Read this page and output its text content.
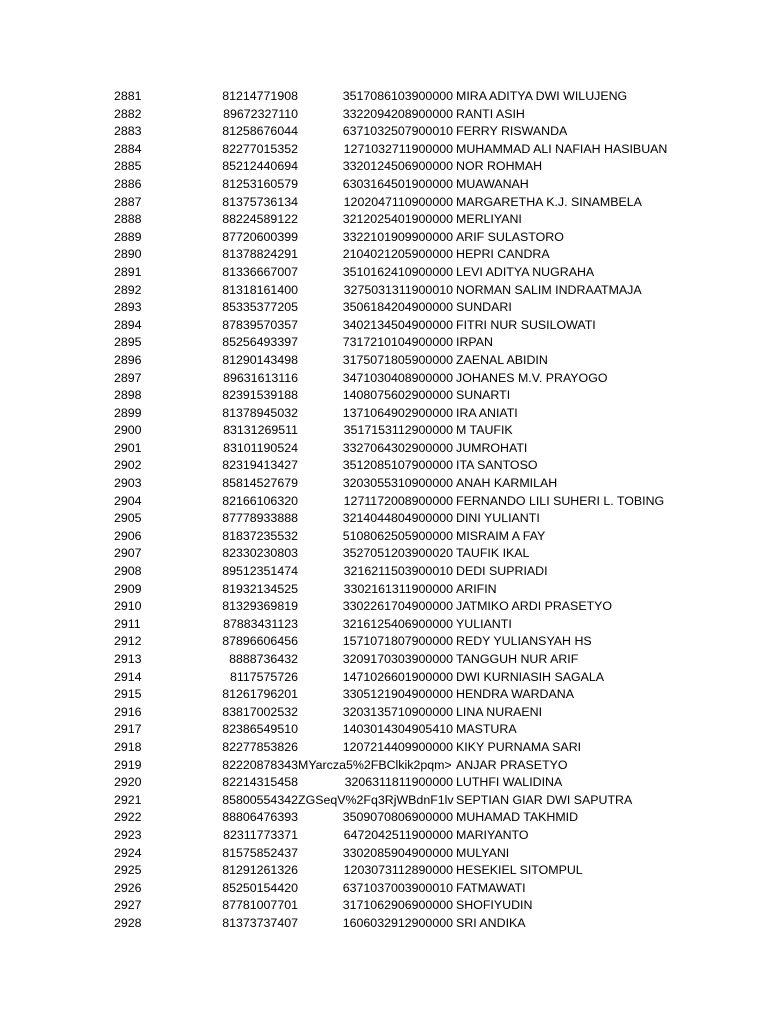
2881	81214771908	3517086103900000 MIRA ADITYA DWI WILUJENG
2882	89672327110	3322094208900000 RANTI ASIH
2883	81258676044	6371032507900010 FERRY RISWANDA
2884	82277015352	1271032711900000 MUHAMMAD ALI NAFIAH HASIBUAN
2885	85212440694	3320124506900000 NOR ROHMAH
2886	81253160579	6303164501900000 MUAWANAH
2887	81375736134	1202047110900000 MARGARETHA K.J. SINAMBELA
2888	88224589122	3212025401900000 MERLIYANI
2889	87720600399	3322101909900000 ARIF SULASTORO
2890	81378824291	2104021205900000 HEPRI CANDRA
2891	81336667007	3510162410900000 LEVI ADITYA NUGRAHA
2892	81318161400	3275031311900010 NORMAN SALIM INDRAATMAJA
2893	85335377205	3506184204900000 SUNDARI
2894	87839570357	3402134504900000 FITRI NUR SUSILOWATI
2895	85256493397	7317210104900000 IRPAN
2896	81290143498	3175071805900000 ZAENAL ABIDIN
2897	89631613116	3471030408900000 JOHANES M.V. PRAYOGO
2898	82391539188	1408075602900000 SUNARTI
2899	81378945032	1371064902900000 IRA ANIATI
2900	83131269511	3517153112900000 M TAUFIK
2901	83101190524	3327064302900000 JUMROHATI
2902	82319413427	3512085107900000 ITA SANTOSO
2903	85814527679	3203055310900000 ANAH KARMILAH
2904	82166106320	1271172008900000 FERNANDO LILI SUHERI L. TOBING
2905	87778933888	3214044804900000 DINI YULIANTI
2906	81837235532	5108062505900000 MISRAIM A FAY
2907	82330230803	3527051203900020 TAUFIK IKAL
2908	89512351474	3216211503900010 DEDI SUPRIADI
2909	81932134525	3302161311900000 ARIFIN
2910	81329369819	3302261704900000 JATMIKO ARDI PRASETYO
2911	87883431123	3216125406900000 YULIANTI
2912	87896606456	1571071807900000 REDY YULIANSYAH HS
2913	8888736432	3209170303900000 TANGGUH NUR ARIF
2914	8117575726	1471026601900000 DWI KURNIASIH SAGALA
2915	81261796201	3305121904900000 HENDRA WARDANA
2916	83817002532	3203135710900000 LINA NURAENI
2917	82386549510	1403014304905410 MASTURA
2918	82277853826	1207214409900000 KIKY PURNAMA SARI
2919	82220878343 MYarcza5%2FBClkik2pqm> ANJAR PRASETYO
2920	82214315458	3206311811900000 LUTHFI WALIDINA
2921	85800554342 ZGSeqV%2Fq3RjWBdnF1lv SEPTIAN GIAR DWI SAPUTRA
2922	88806476393	3509070806900000 MUHAMAD TAKHMID
2923	82311773371	6472042511900000 MARIYANTO
2924	81575852437	3302085904900000 MULYANI
2925	81291261326	1203073112890000 HESEKIEL SITOMPUL
2926	85250154420	6371037003900010 FATMAWATI
2927	87781007701	3171062906900000 SHOFIYUDIN
2928	81373737407	1606032912900000 SRI ANDIKA
